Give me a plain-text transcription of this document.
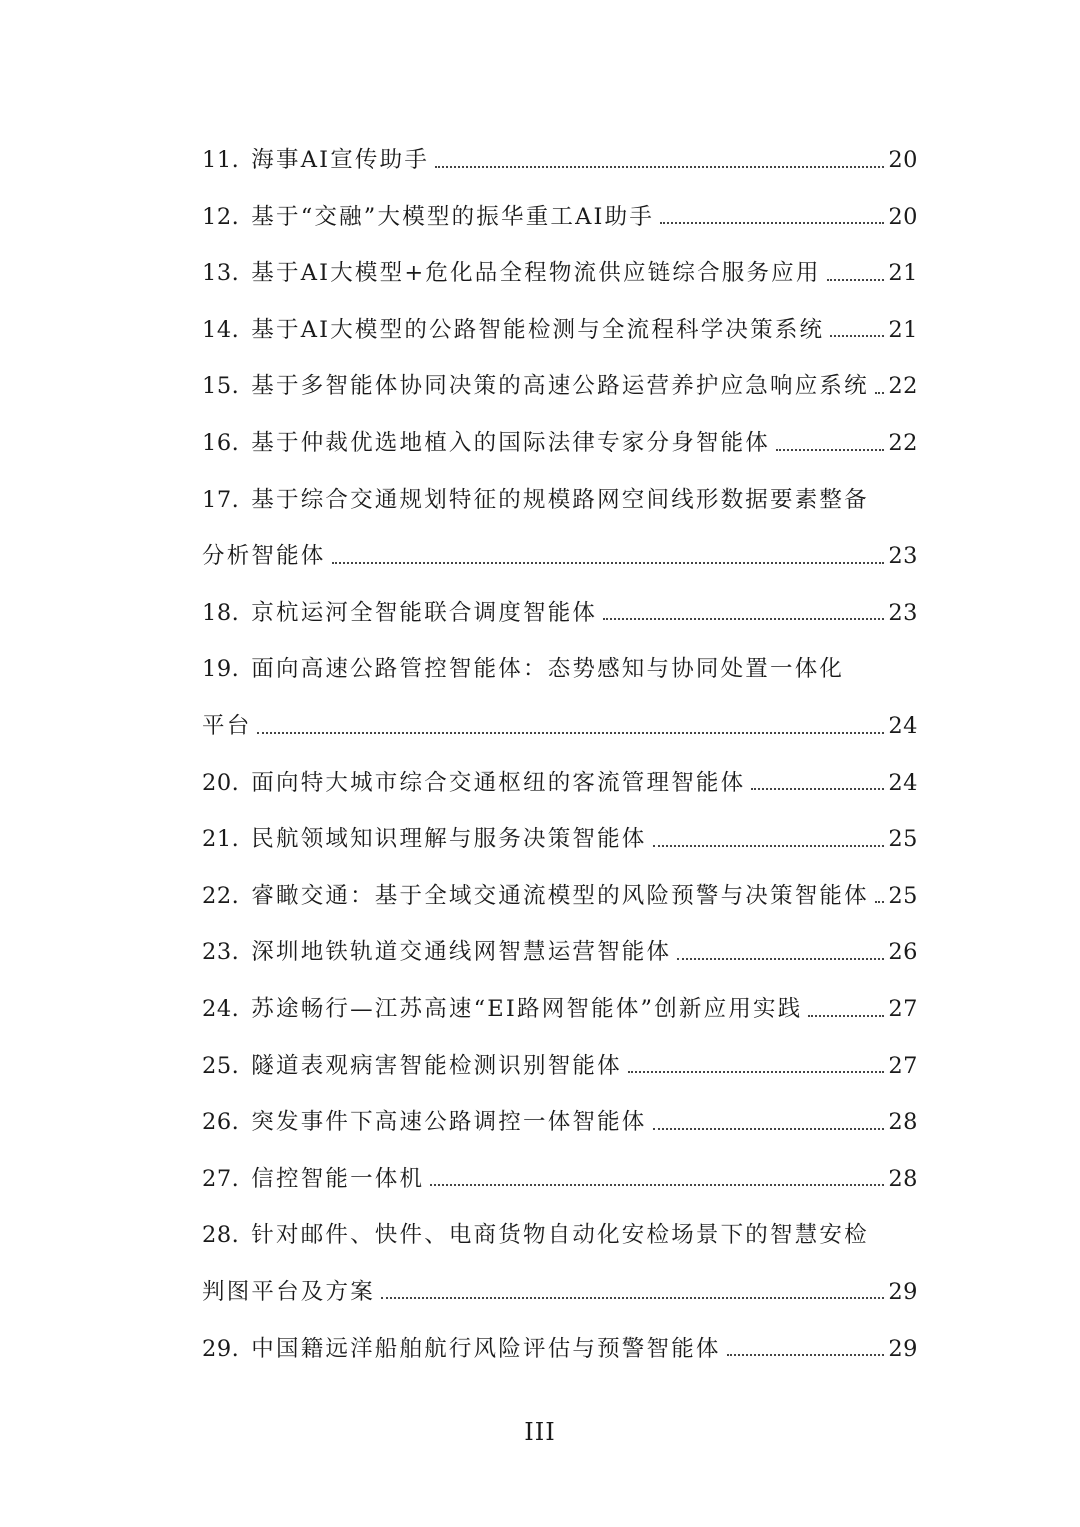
11. 海事AI宣传助手	20
12. 基于“交融”大模型的振华重工AI助手	20
13. 基于AI大模型+危化品全程物流供应链综合服务应用	21
14. 基于AI大模型的公路智能检测与全流程科学决策系统	21
15. 基于多智能体协同决策的高速公路运营养护应急响应系统 22
16. 基于仲裁优选地植入的国际法律专家分身智能体	22
17. 基于综合交通规划特征的规模路网空间线形数据要素整备
分析智能体	23
18. 京杭运河全智能联合调度智能体	23
19. 面向高速公路管控智能体：态势感知与协同处置一体化
平台	24
20. 面向特大城市综合交通枢纽的客流管理智能体	24
21. 民航领域知识理解与服务决策智能体	25
22. 睿瞰交通：基于全域交通流模型的风险预警与决策智能体 25
23. 深圳地铁轨道交通线网智慧运营智能体	26
24. 苏途畅行—江苏高速“EI路网智能体”创新应用实践	27
25. 隧道表观病害智能检测识别智能体	27
26. 突发事件下高速公路调控一体智能体	28
27. 信控智能一体机	28
28. 针对邮件、快件、电商货物自动化安检场景下的智慧安检
判图平台及方案	29
29. 中国籍远洋船舶航行风险评估与预警智能体	29
III
